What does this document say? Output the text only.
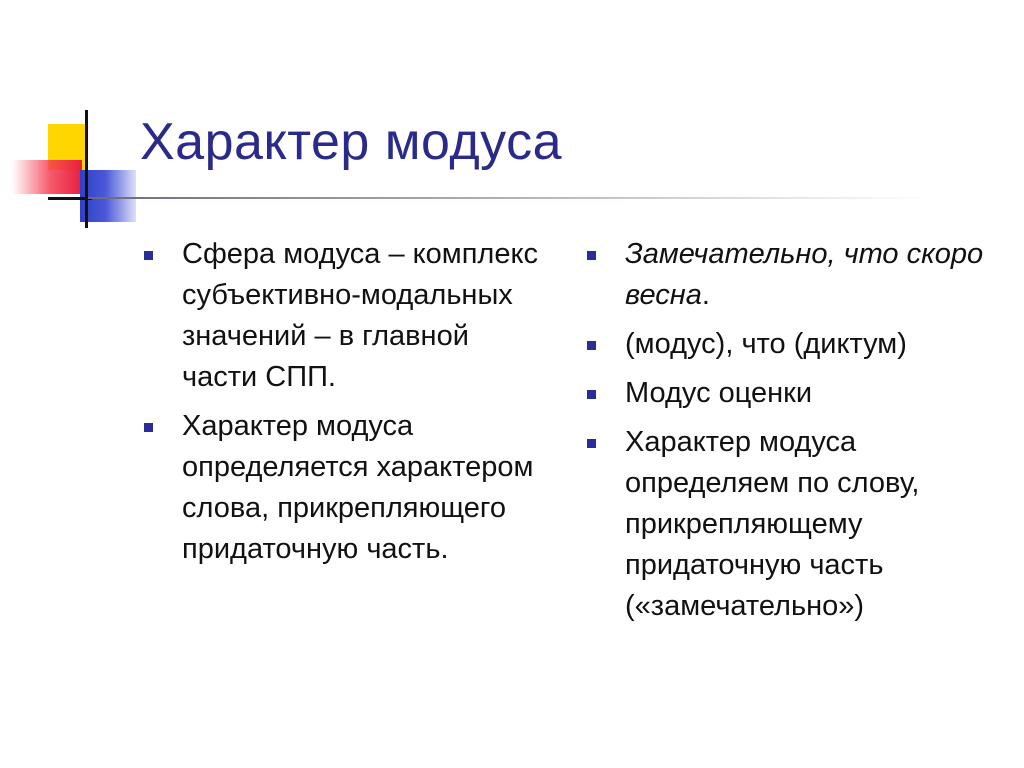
Характер модуса
Сфера модуса – комплекс субъективно-модальных значений – в главной части СПП.
Характер модуса определяется характером слова, прикрепляющего придаточную часть.
Замечательно, что скоро весна.
(модус), что (диктум)
Модус оценки
Характер модуса определяем по слову, прикрепляющему придаточную часть («замечательно»)
